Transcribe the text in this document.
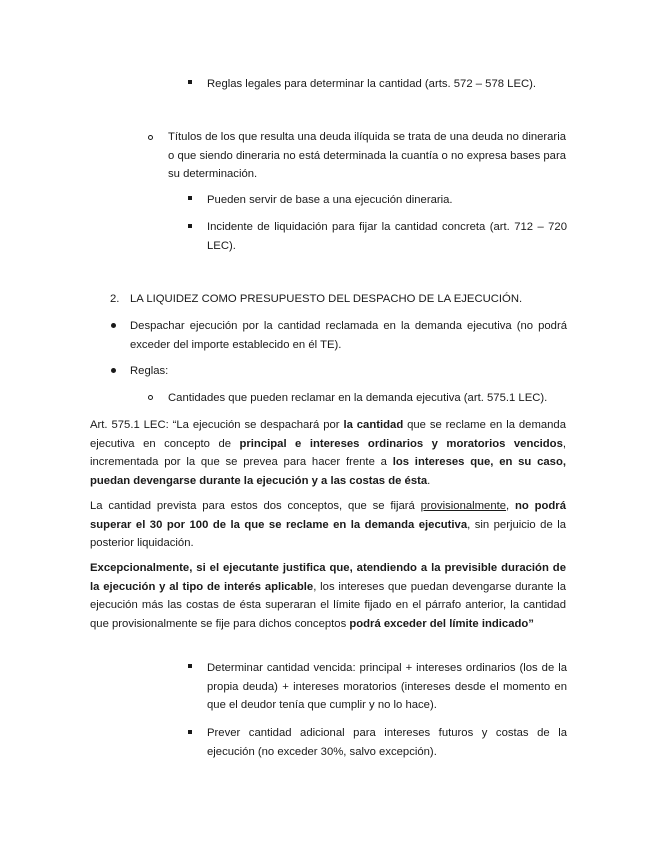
Reglas legales para determinar la cantidad (arts. 572 – 578 LEC).
Títulos de los que resulta una deuda ilíquida se trata de una deuda no dineraria o que siendo dineraria no está determinada la cuantía o no expresa bases para su determinación.
Pueden servir de base a una ejecución dineraria.
Incidente de liquidación para fijar la cantidad concreta (art. 712 – 720 LEC).
2. LA LIQUIDEZ COMO PRESUPUESTO DEL DESPACHO DE LA EJECUCIÓN.
Despachar ejecución por la cantidad reclamada en la demanda ejecutiva (no podrá exceder del importe establecido en él TE).
Reglas:
Cantidades que pueden reclamar en la demanda ejecutiva (art. 575.1 LEC).
Art. 575.1 LEC: “La ejecución se despachará por la cantidad que se reclame en la demanda ejecutiva en concepto de principal e intereses ordinarios y moratorios vencidos, incrementada por la que se prevea para hacer frente a los intereses que, en su caso, puedan devengarse durante la ejecución y a las costas de ésta.
La cantidad prevista para estos dos conceptos, que se fijará provisionalmente, no podrá superar el 30 por 100 de la que se reclame en la demanda ejecutiva, sin perjuicio de la posterior liquidación.
Excepcionalmente, si el ejecutante justifica que, atendiendo a la previsible duración de la ejecución y al tipo de interés aplicable, los intereses que puedan devengarse durante la ejecución más las costas de ésta superaran el límite fijado en el párrafo anterior, la cantidad que provisionalmente se fije para dichos conceptos podrá exceder del límite indicado”
Determinar cantidad vencida: principal + intereses ordinarios (los de la propia deuda) + intereses moratorios (intereses desde el momento en que el deudor tenía que cumplir y no lo hace).
Prever cantidad adicional para intereses futuros y costas de la ejecución (no exceder 30%, salvo excepción).
